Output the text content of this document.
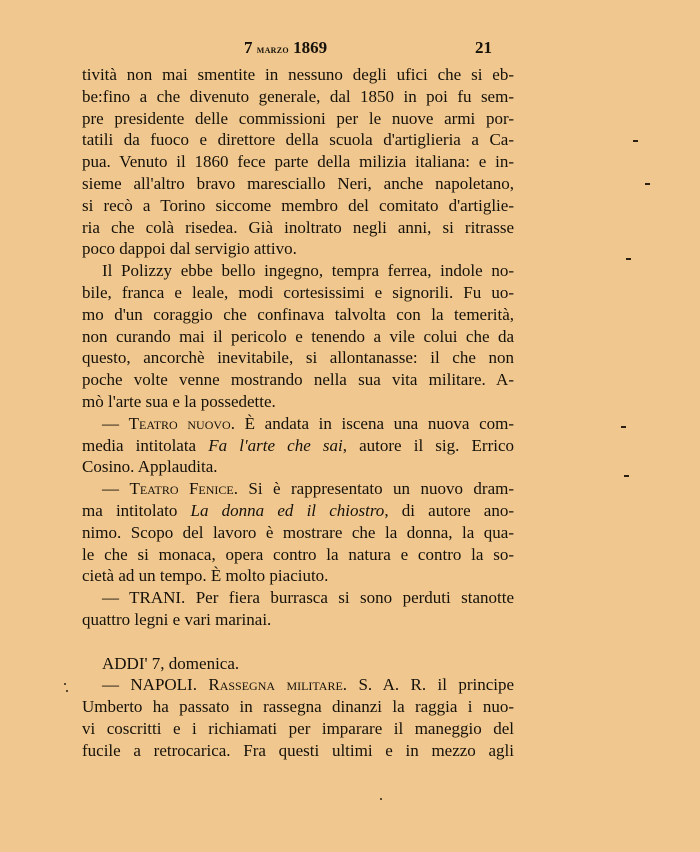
7 marzo 1869	21

tività non mai smentite in nessuno degli ufici che si eb-

be:fino a che divenuto generale, dal 1850 in poi fu sem-

pre presidente delle commissioni per le nuove armi por-

tatili da fuoco e direttore della scuola d'artiglieria a Ca-

pua. Venuto il 1860 fece parte della milizia italiana: e in-

sieme all'altro bravo maresciallo Neri, anche napoletano,

si recò a Torino siccome membro del comitato d'artiglie-

ria che colà risedea. Già inoltrato negli anni, si ritrasse

poco dappoi dal servigio attivo.

Il Polizzy ebbe bello ingegno, tempra ferrea, indole no-

bile, franca e leale, modi cortesissimi e signorili. Fu uo-

mo d'un coraggio che confinava talvolta con la temerità,

non curando mai il pericolo e tenendo a vile colui che da

questo, ancorchè inevitabile, si allontanasse: il che non

poche volte venne mostrando nella sua vita militare. A-

mò l'arte sua e la possedette.

— Teatro nuovo. È andata in iscena una nuova com-

media intitolata Fa l'arte che sai, autore il sig. Errico

Cosino. Applaudita.

— Teatro Fenice. Si è rappresentato un nuovo dram-

ma intitolato La donna ed il chiostro, di autore ano-

nimo. Scopo del lavoro è mostrare che la donna, la qua-

le che si monaca, opera contro la natura e contro la so-

cietà ad un tempo. È molto piaciuto.

— TRANI. Per fiera burrasca si sono perduti stanotte

quattro legni e vari marinai.

ADDI' 7, domenica.

— NAPOLI. Rassegna militare. S. A. R. il principe

Umberto ha passato in rassegna dinanzi la raggia i nuo-

vi coscritti e i richiamati per imparare il maneggio del

fucile a retrocarica. Fra questi ultimi e in mezzo agli
